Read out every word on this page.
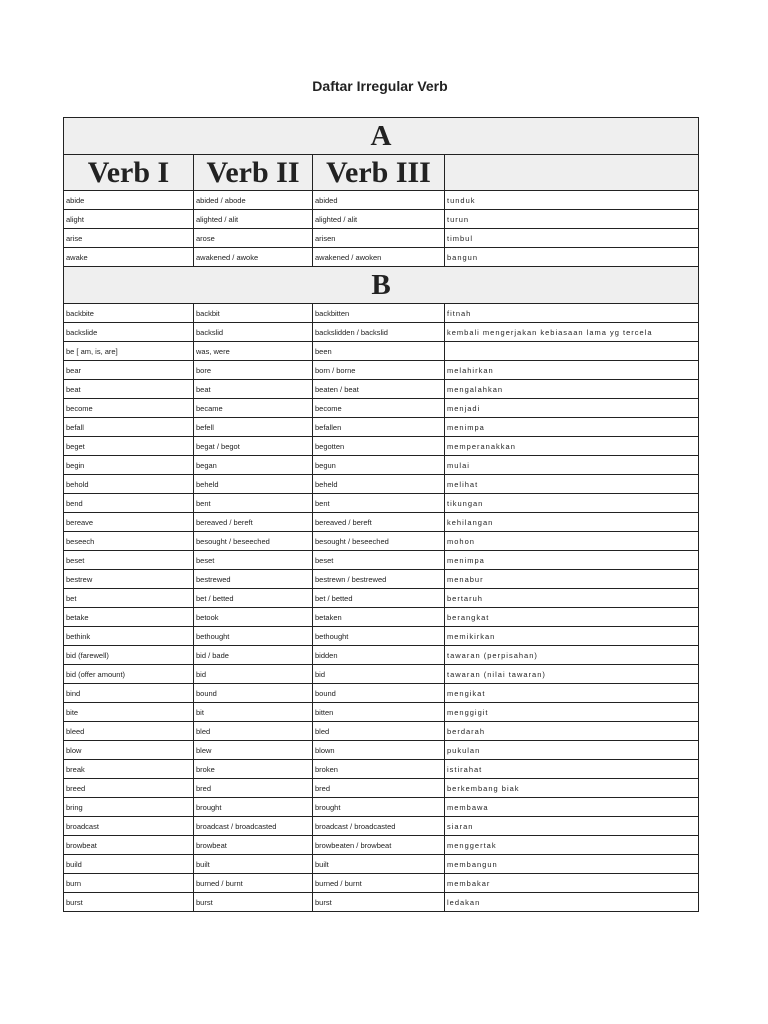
Daftar Irregular Verb
A			
Verb I	Verb II	Verb III	
abide	abided / abode	abided	tunduk
alight	alighted / alit	alighted / alit	turun
arise	arose	arisen	timbul
awake	awakened / awoke	awakened / awoken	bangun
B			
backbite	backbit	backbitten	fitnah
backslide	backslid	backslidden / backslid	kembali mengerjakan kebiasaan lama yg tercela
be [ am, is, are]	was, were	been	
bear	bore	born / borne	melahirkan
beat	beat	beaten / beat	mengalahkan
become	became	become	menjadi
befall	befell	befallen	menimpa
beget	begat / begot	begotten	memperanakkan
begin	began	begun	mulai
behold	beheld	beheld	melihat
bend	bent	bent	tikungan
bereave	bereaved / bereft	bereaved / bereft	kehilangan
beseech	besought / beseeched	besought / beseeched	mohon
beset	beset	beset	menimpa
bestrew	bestrewed	bestrewn / bestrewed	menabur
bet	bet / betted	bet / betted	bertaruh
betake	betook	betaken	berangkat
bethink	bethought	bethought	memikirkan
bid (farewell)	bid / bade	bidden	tawaran (perpisahan)
bid (offer amount)	bid	bid	tawaran (nilai tawaran)
bind	bound	bound	mengikat
bite	bit	bitten	menggigit
bleed	bled	bled	berdarah
blow	blew	blown	pukulan
break	broke	broken	istirahat
breed	bred	bred	berkembang biak
bring	brought	brought	membawa
broadcast	broadcast / broadcasted	broadcast / broadcasted	siaran
browbeat	browbeat	browbeaten / browbeat	menggertak
build	built	built	membangun
burn	burned / burnt	burned / burnt	membakar
burst	burst	burst	ledakan
